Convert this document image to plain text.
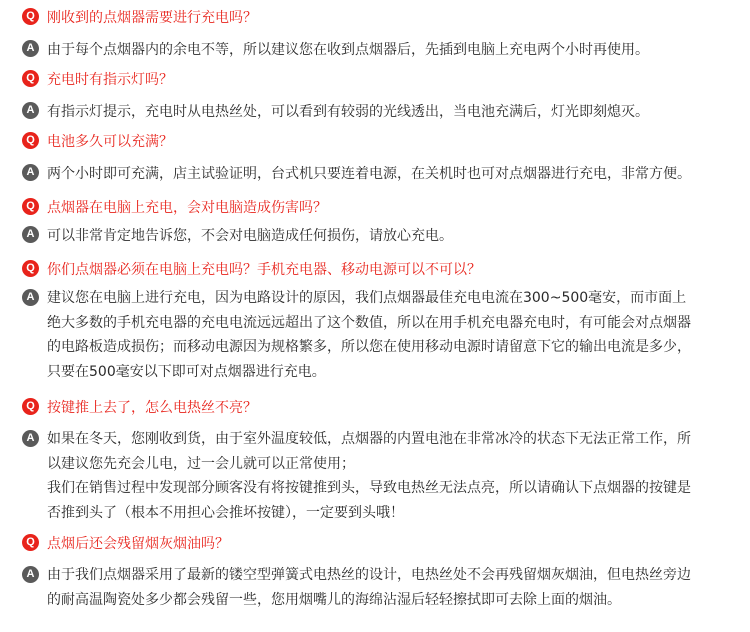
Q 刚收到的点烟器需要进行充电吗？
A 由于每个点烟器内的余电不等，所以建议您在收到点烟器后，先插到电脑上充电两个小时再使用。

Q 充电时有指示灯吗？
A 有指示灯提示，充电时从电热丝处，可以看到有较弱的光线透出，当电池充满后，灯光即刻熄灭。

Q 电池多久可以充满？
A 两个小时即可充满，店主试验证明，台式机只要连着电源，在关机时也可对点烟器进行充电，非常方便。

Q 点烟器在电脑上充电，会对电脑造成伤害吗？
A 可以非常肯定地告诉您，不会对电脑造成任何损伤，请放心充电。

Q 你们点烟器必须在电脑上充电吗？手机充电器、移动电源可以不可以？
A 建议您在电脑上进行充电，因为电路设计的原因，我们点烟器最佳充电电流在300~500毫安，而市面上

绝大多数的手机充电器的充电电流远远超出了这个数值，所以在用手机充电器充电时，有可能会对点烟器

的电路板造成损伤；而移动电源因为规格繁多，所以您在使用移动电源时请留意下它的输出电流是多少，

只要在500毫安以下即可对点烟器进行充电。

Q 按键推上去了，怎么电热丝不亮？
A 如果在冬天，您刚收到货，由于室外温度较低，点烟器的内置电池在非常冰冷的状态下无法正常工作，所

以建议您先充会儿电，过一会儿就可以正常使用；

我们在销售过程中发现部分顾客没有将按键推到头，导致电热丝无法点亮，所以请确认下点烟器的按键是

否推到头了（根本不用担心会推坏按键），一定要到头哦！

Q 点烟后还会残留烟灰烟油吗？
A 由于我们点烟器采用了最新的镂空型弹簧式电热丝的设计，电热丝处不会再残留烟灰烟油，但电热丝旁边

的耐高温陶瓷处多少都会残留一些，您用烟嘴儿的海绵沾湿后轻轻擦拭即可去除上面的烟油。
